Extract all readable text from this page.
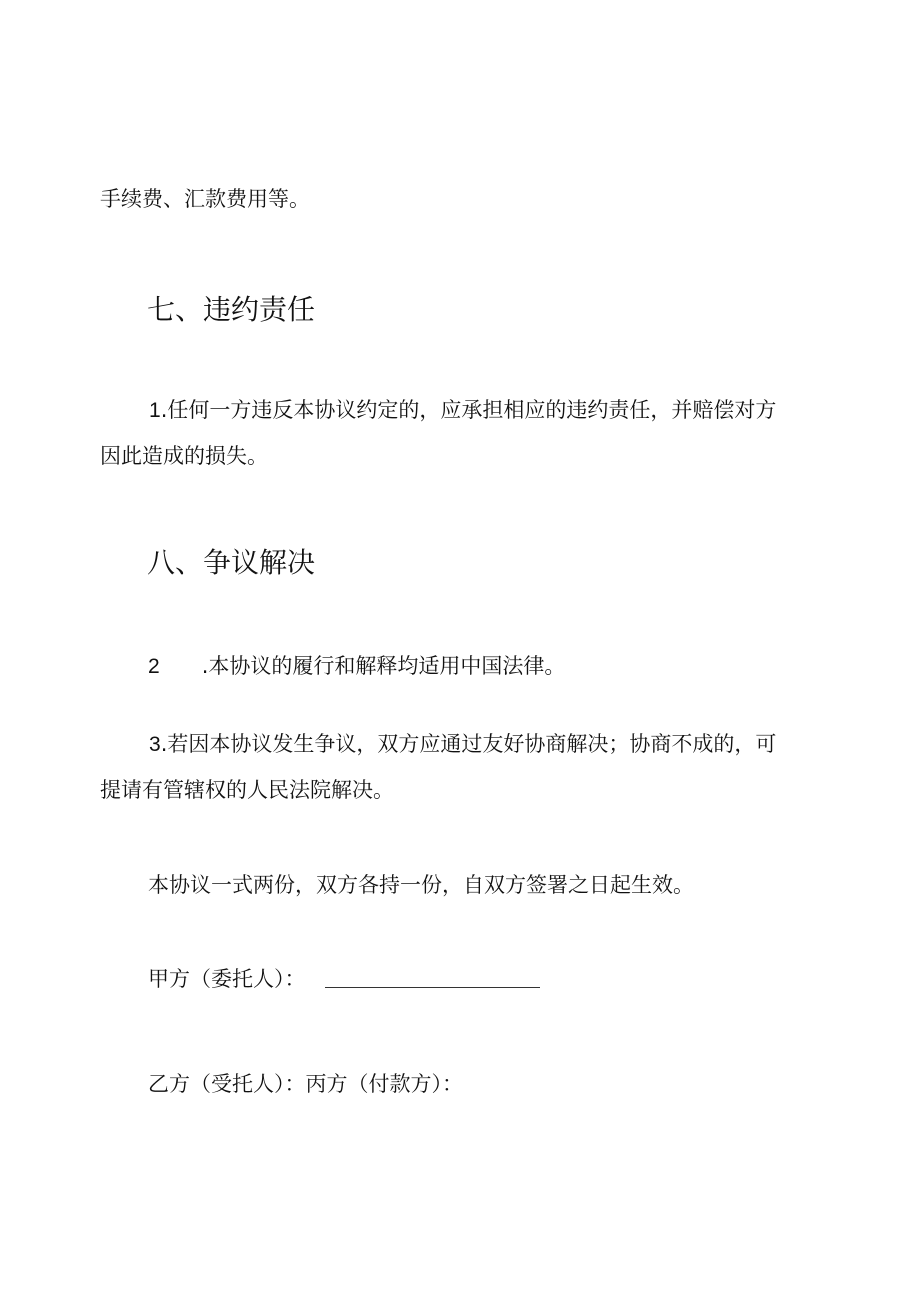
手续费、汇款费用等。
七、违约责任
1.任何一方违反本协议约定的，应承担相应的违约责任，并赔偿对方
因此造成的损失。
八、争议解决
2 .本协议的履行和解释均适用中国法律。
3.若因本协议发生争议，双方应通过友好协商解决；协商不成的，可
提请有管辖权的人民法院解决。
本协议一式两份，双方各持一份，自双方签署之日起生效。
甲方（委托人）：
乙方（受托人）：丙方（付款方）：
